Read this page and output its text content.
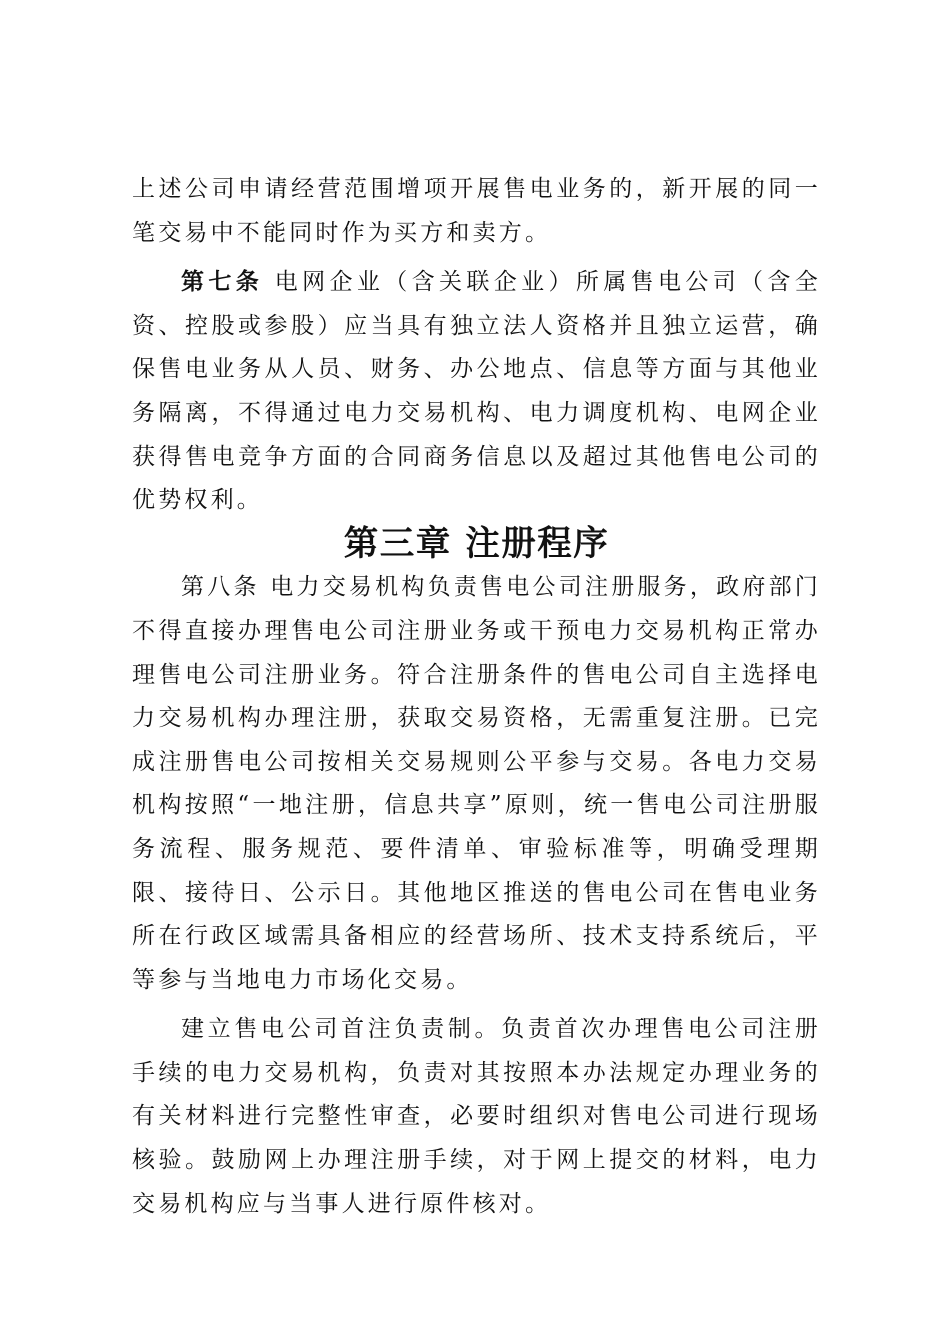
上述公司申请经营范围增项开展售电业务的，新开展的同一笔交易中不能同时作为买方和卖方。

第七条 电网企业（含关联企业）所属售电公司（含全资、控股或参股）应当具有独立法人资格并且独立运营，确保售电业务从人员、财务、办公地点、信息等方面与其他业务隔离，不得通过电力交易机构、电力调度机构、电网企业获得售电竞争方面的合同商务信息以及超过其他售电公司的优势权利。

第三章 注册程序

第八条 电力交易机构负责售电公司注册服务，政府部门不得直接办理售电公司注册业务或干预电力交易机构正常办理售电公司注册业务。符合注册条件的售电公司自主选择电力交易机构办理注册，获取交易资格，无需重复注册。已完成注册售电公司按相关交易规则公平参与交易。各电力交易机构按照“一地注册，信息共享”原则，统一售电公司注册服务流程、服务规范、要件清单、审验标准等，明确受理期限、接待日、公示日。其他地区推送的售电公司在售电业务所在行政区域需具备相应的经营场所、技术支持系统后，平等参与当地电力市场化交易。

建立售电公司首注负责制。负责首次办理售电公司注册手续的电力交易机构，负责对其按照本办法规定办理业务的有关材料进行完整性审查，必要时组织对售电公司进行现场核验。鼓励网上办理注册手续，对于网上提交的材料，电力交易机构应与当事人进行原件核对。
